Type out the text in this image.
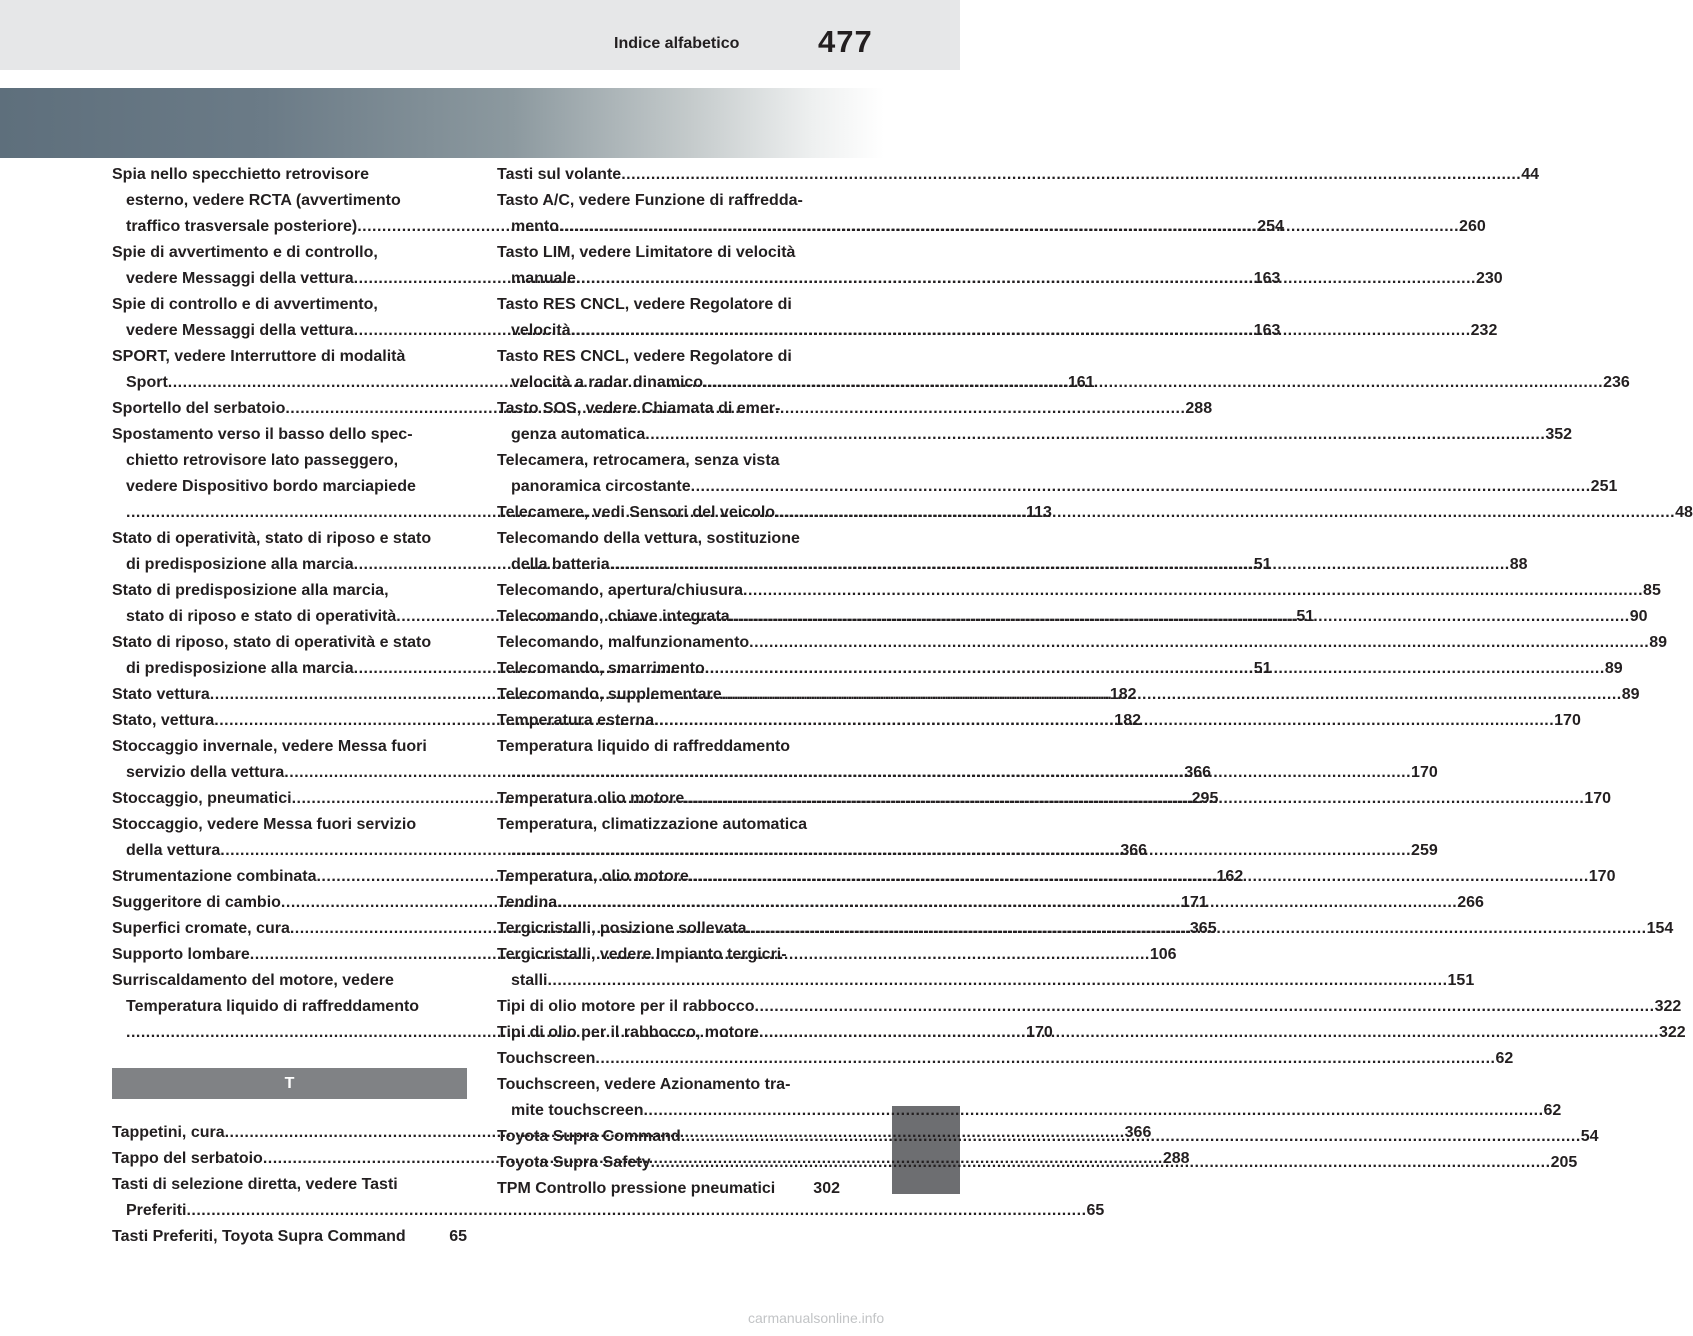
Indice alfabetico	477
Spia nello specchietto retrovisore
esterno, vedere RCTA (avvertimento
traffico trasversale posteriore) .....	254
Spie di avvertimento e di controllo,
vedere Messaggi della vettura .....	163
Spie di controllo e di avvertimento,
vedere Messaggi della vettura .....	163
SPORT, vedere Interruttore di modalità
Sport .....	161
Sportello del serbatoio .....	288
Spostamento verso il basso dello spec-
chietto retrovisore lato passeggero,
vedere Dispositivo bordo marciapiede
..... 113
Stato di operatività, stato di riposo e stato
di predisposizione alla marcia .....	51
Stato di predisposizione alla marcia,
stato di riposo e stato di operatività .....	51
Stato di riposo, stato di operatività e stato
di predisposizione alla marcia .....	51
Stato vettura .....	182
Stato, vettura .....	182
Stoccaggio invernale, vedere Messa fuori
servizio della vettura .....	366
Stoccaggio, pneumatici .....	295
Stoccaggio, vedere Messa fuori servizio
della vettura .....	366
Strumentazione combinata .....	162
Suggeritore di cambio .....	171
Superfici cromate, cura .....	365
Supporto lombare .....	106
Surriscaldamento del motore, vedere
Temperatura liquido di raffreddamento
..... 170
T
Tappetini, cura .....	366
Tappo del serbatoio .....	288
Tasti di selezione diretta, vedere Tasti
Preferiti .....	65
Tasti Preferiti, Toyota Supra Command	65
Tasti sul volante .....	44
Tasto A/C, vedere Funzione di raffredda-
mento .....	260
Tasto LIM, vedere Limitatore di velocità
manuale .....	230
Tasto RES CNCL, vedere Regolatore di
velocità .....	232
Tasto RES CNCL, vedere Regolatore di
velocità a radar dinamico .....	236
Tasto SOS, vedere Chiamata di emer-
genza automatica .....	352
Telecamera, retrocamera, senza vista
panoramica circostante .....	251
Telecamere, vedi Sensori del veicolo .....	48
Telecomando della vettura, sostituzione
della batteria .....	88
Telecomando, apertura/chiusura .....	85
Telecomando, chiave integrata .....	90
Telecomando, malfunzionamento .....	89
Telecomando, smarrimento .....	89
Telecomando, supplementare .....	89
Temperatura esterna .....	170
Temperatura liquido di raffreddamento
..... 170
Temperatura olio motore .....	170
Temperatura, climatizzazione automatica
..... 259
Temperatura, olio motore .....	170
Tendina .....	266
Tergicristalli, posizione sollevata .....	154
Tergicristalli, vedere Impianto tergicri-
stalli .....	151
Tipi di olio motore per il rabbocco .....	322
Tipi di olio per il rabbocco, motore .....	322
Touchscreen .....	62
Touchscreen, vedere Azionamento tra-
mite touchscreen .....	62
Toyota Supra Command .....	54
Toyota Supra Safety .....	205
TPM Controllo pressione pneumatici 302
carmanualsonline.info
